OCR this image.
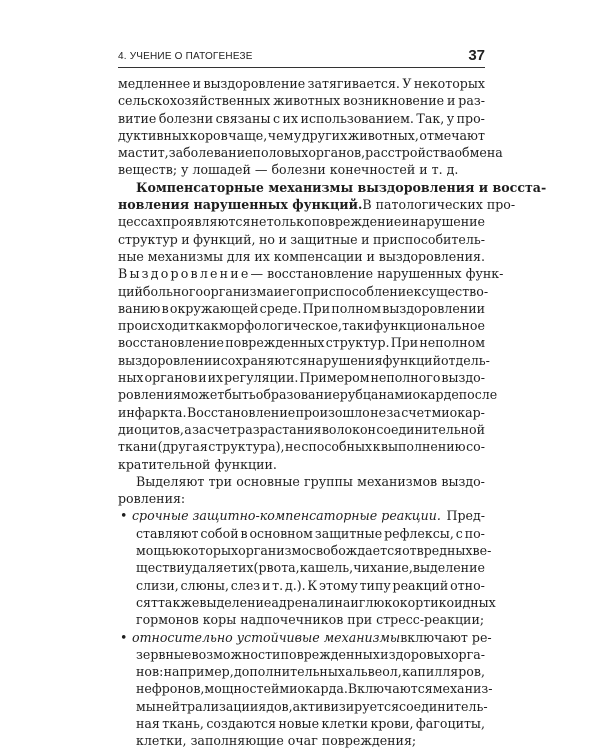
4. УЧЕНИЕ О ПАТОГЕНЕЗЕ	37
медленнее и выздоровление затягивается. У некоторых
сельскохозяйственных животных возникновение и раз-
витие болезни связаны с их использованием. Так, у про-
дуктивных коров чаще, чем у других животных, отмечают
мастит, заболевание половых органов, расстройства обмена
веществ; у лошадей — болезни конечностей и т. д.
Компенсаторные механизмы выздоровления и восста-
новления нарушенных функций. В патологических про-
цессах проявляются не только повреждение и нарушение
структур и функций, но и защитные и приспособитель-
ные механизмы для их компенсации и выздоровления.
Выздоровление — восстановление нарушенных функ-
ций больного организма и его приспособление к существо-
ванию в окружающей среде. При полном выздоровлении
происходит как морфологическое, так и функциональное
восстановление поврежденных структур. При неполном
выздоровлении сохраняются нарушения функций отдель-
ных органов и их регуляции. Примером неполного выздо-
ровления может быть образование рубца на миокарде после
инфаркта. Восстановление произошло не за счет миокар-
диоцитов, а за счет разрастания волокон соединительной
ткани (другая структура), не способных к выполнению со-
кратительной функции.
Выделяют три основные группы механизмов выздо-
ровления:
• срочные защитно-компенсаторные реакции. Пред-
ставляют собой в основном защитные рефлексы, с по-
мощью которых организм освобождается от вредных ве-
ществ и удаляет их (рвота, кашель, чихание, выделение
слизи, слюны, слез и т. д.). К этому типу реакций отно-
сят также выделение адреналина и глюкокортикоидных
гормонов коры надпочечников при стресс-реакции;
• относительно устойчивые механизмы включают ре-
зервные возможности поврежденных и здоровых орга-
нов: например, дополнительных альвеол, капилляров,
нефронов, мощностей миокарда. Включаются механиз-
мы нейтрализации ядов, активизируется соединитель-
ная ткань, создаются новые клетки крови, фагоциты,
клетки, заполняющие очаг повреждения;
